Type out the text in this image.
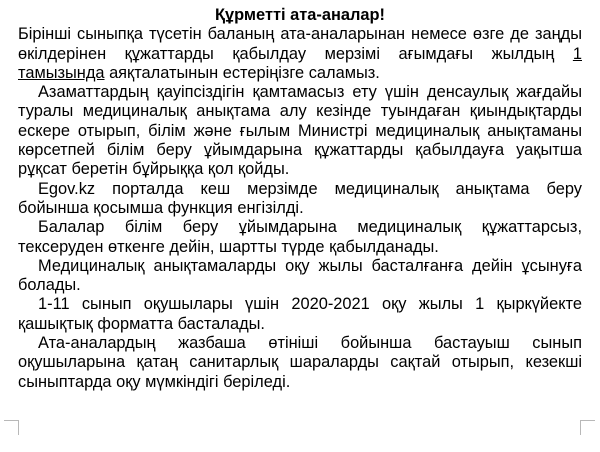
Құрметті ата-аналар!

Бірінші сыныпқа түсетін баланың ата-аналарынан немесе өзге де заңды өкілдерінен құжаттарды қабылдау мерзімі ағымдағы жылдың 1 тамызында аяқталатынын естеріңізге саламыз.

Азаматтардың қауіпсіздігін қамтамасыз ету үшін денсаулық жағдайы туралы медициналық анықтама алу кезінде туындаған қиындықтарды ескере отырып, білім және ғылым Министрі медициналық анықтаманы көрсетпей білім беру ұйымдарына құжаттарды қабылдауға уақытша рұқсат беретін бұйрыққа қол қойды.

Egov.kz порталда кеш мерзімде медициналық анықтама беру бойынша қосымша функция енгізілді.

Балалар білім беру ұйымдарына медициналық құжаттарсыз, тексеруден өткенге дейін, шартты түрде қабылданады.

Медициналық анықтамаларды оқу жылы басталғанға дейін ұсынуға болады.

1-11 сынып оқушылары үшін 2020-2021 оқу жылы 1 қыркүйекте қашықтық форматта басталады.

Ата-аналардың жазбаша өтініші бойынша бастауыш сынып оқушыларына қатаң санитарлық шараларды сақтай отырып, кезекші сыныптарда оқу мүмкіндігі беріледі.
